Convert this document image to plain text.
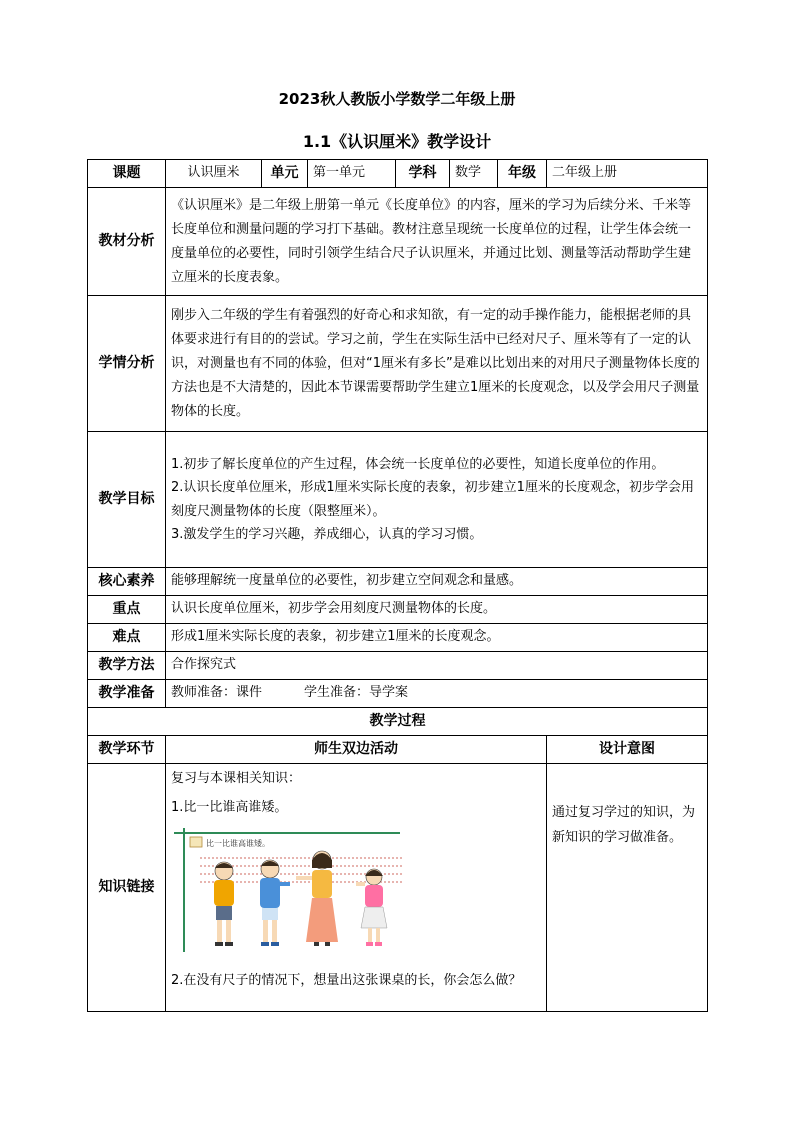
2023秋人教版小学数学二年级上册
1.1《认识厘米》教学设计
课题	认识厘米	单元	第一单元	学科	数学	年级	二年级上册
教材分析	《认识厘米》是二年级上册第一单元《长度单位》的内容，厘米的学习为后续分米、千米等长度单位和测量问题的学习打下基础。教材注意呈现统一长度单位的过程，让学生体会统一度量单位的必要性，同时引领学生结合尺子认识厘米，并通过比划、测量等活动帮助学生建立厘米的长度表象。						
学情分析	刚步入二年级的学生有着强烈的好奇心和求知欲，有一定的动手操作能力，能根据老师的具体要求进行有目的的尝试。学习之前，学生在实际生活中已经对尺子、厘米等有了一定的认识，对测量也有不同的体验，但对“1厘米有多长”是难以比划出来的对用尺子测量物体长度的方法也是不大清楚的，因此本节课需要帮助学生建立1厘米的长度观念，以及学会用尺子测量物体的长度。						
教学目标	1.初步了解长度单位的产生过程，体会统一长度单位的必要性，知道长度单位的作用。

2.认识长度单位厘米，形成1厘米实际长度的表象，初步建立1厘米的长度观念，初步学会用刻度尺测量物体的长度（限整厘米）。

3.激发学生的学习兴趣，养成细心，认真的学习习惯。						

核心素养	能够理解统一度量单位的必要性，初步建立空间观念和量感。						
重点	认识长度单位厘米，初步学会用刻度尺测量物体的长度。						
难点	形成1厘米实际长度的表象，初步建立1厘米的长度观念。						
教学方法	合作探究式						
教学准备	教师准备：课件 学生准备：导学案						
教学过程							
教学环节	师生双边活动						设计意图
知识链接	复习与本课相关知识：

1.比一比谁高谁矮。

比一比谁高谁矮。

2.在没有尺子的情况下，想量出这张课桌的长，你会怎么做？						通过复习学过的知识，为新知识的学习做准备。
